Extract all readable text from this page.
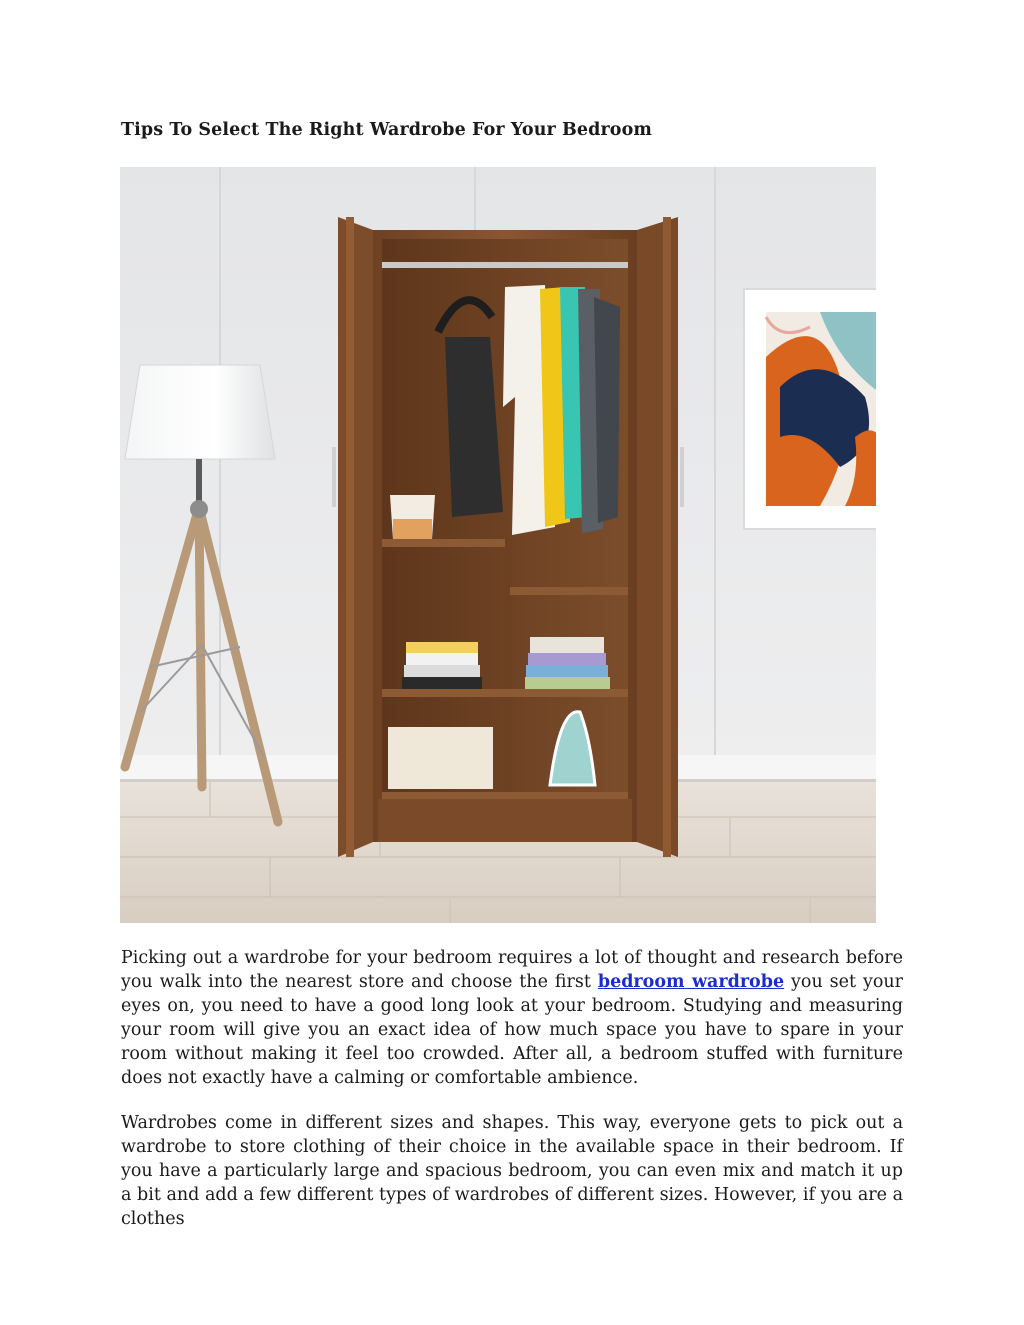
Tips To Select The Right Wardrobe For Your Bedroom

Picking out a wardrobe for your bedroom requires a lot of thought and research before you walk into the nearest store and choose the first bedroom wardrobe you set your eyes on, you need to have a good long look at your bedroom. Studying and measuring your room will give you an exact idea of how much space you have to spare in your room without making it feel too crowded. After all, a bedroom stuffed with furniture does not exactly have a calming or comfortable ambience.

Wardrobes come in different sizes and shapes. This way, everyone gets to pick out a wardrobe to store clothing of their choice in the available space in their bedroom. If you have a particularly large and spacious bedroom, you can even mix and match it up a bit and add a few different types of wardrobes of different sizes. However, if you are a clothes
